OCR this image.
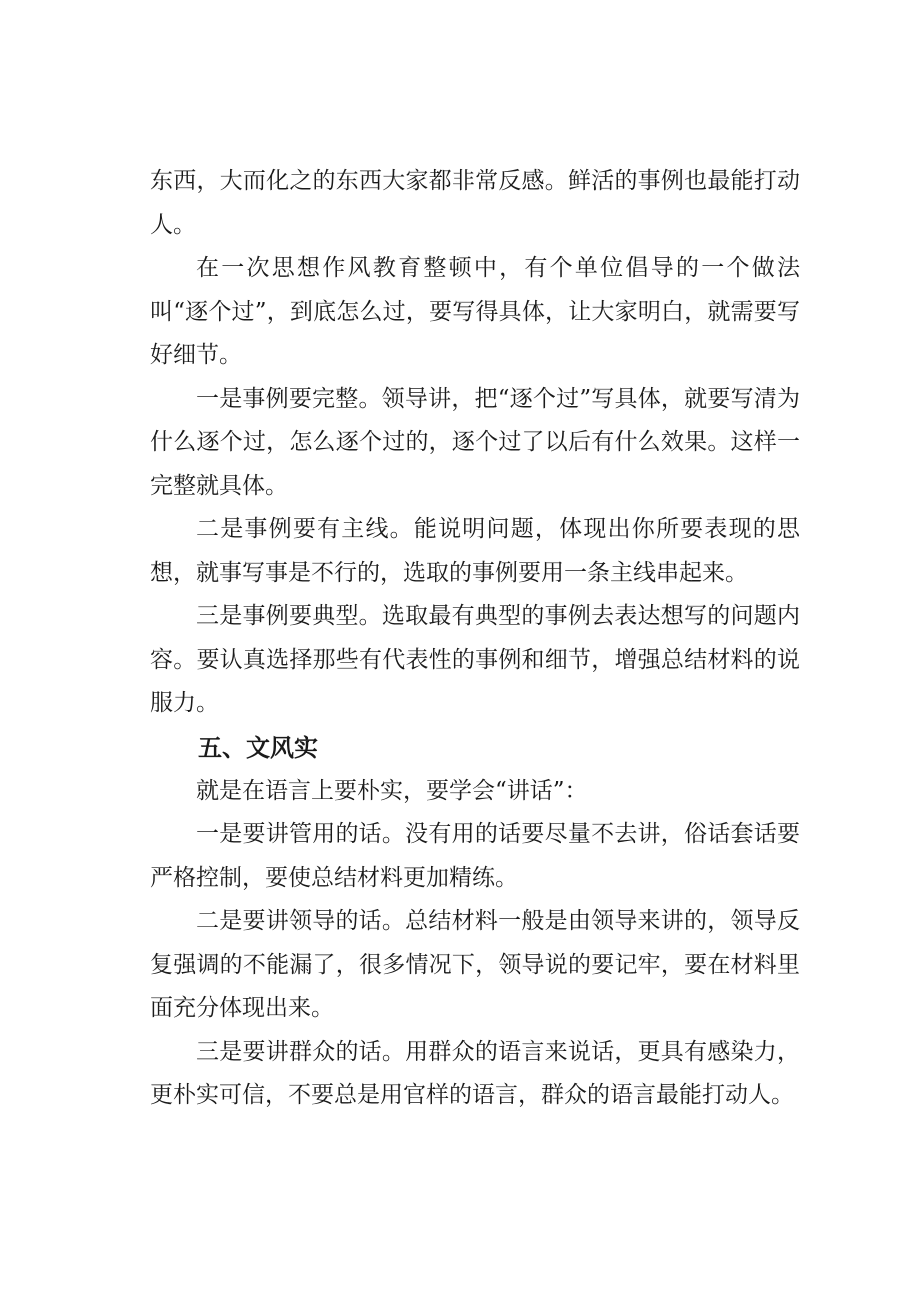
东西，大而化之的东西大家都非常反感。鲜活的事例也最能打动人。

在一次思想作风教育整顿中，有个单位倡导的一个做法叫“逐个过”，到底怎么过，要写得具体，让大家明白，就需要写好细节。

一是事例要完整。领导讲，把“逐个过”写具体，就要写清为什么逐个过，怎么逐个过的，逐个过了以后有什么效果。这样一完整就具体。

二是事例要有主线。能说明问题，体现出你所要表现的思想，就事写事是不行的，选取的事例要用一条主线串起来。

三是事例要典型。选取最有典型的事例去表达想写的问题内容。要认真选择那些有代表性的事例和细节，增强总结材料的说服力。

五、文风实

就是在语言上要朴实，要学会“讲话”：

一是要讲管用的话。没有用的话要尽量不去讲，俗话套话要严格控制，要使总结材料更加精练。

二是要讲领导的话。总结材料一般是由领导来讲的，领导反复强调的不能漏了，很多情况下，领导说的要记牢，要在材料里面充分体现出来。

三是要讲群众的话。用群众的语言来说话，更具有感染力，更朴实可信，不要总是用官样的语言，群众的语言最能打动人。
